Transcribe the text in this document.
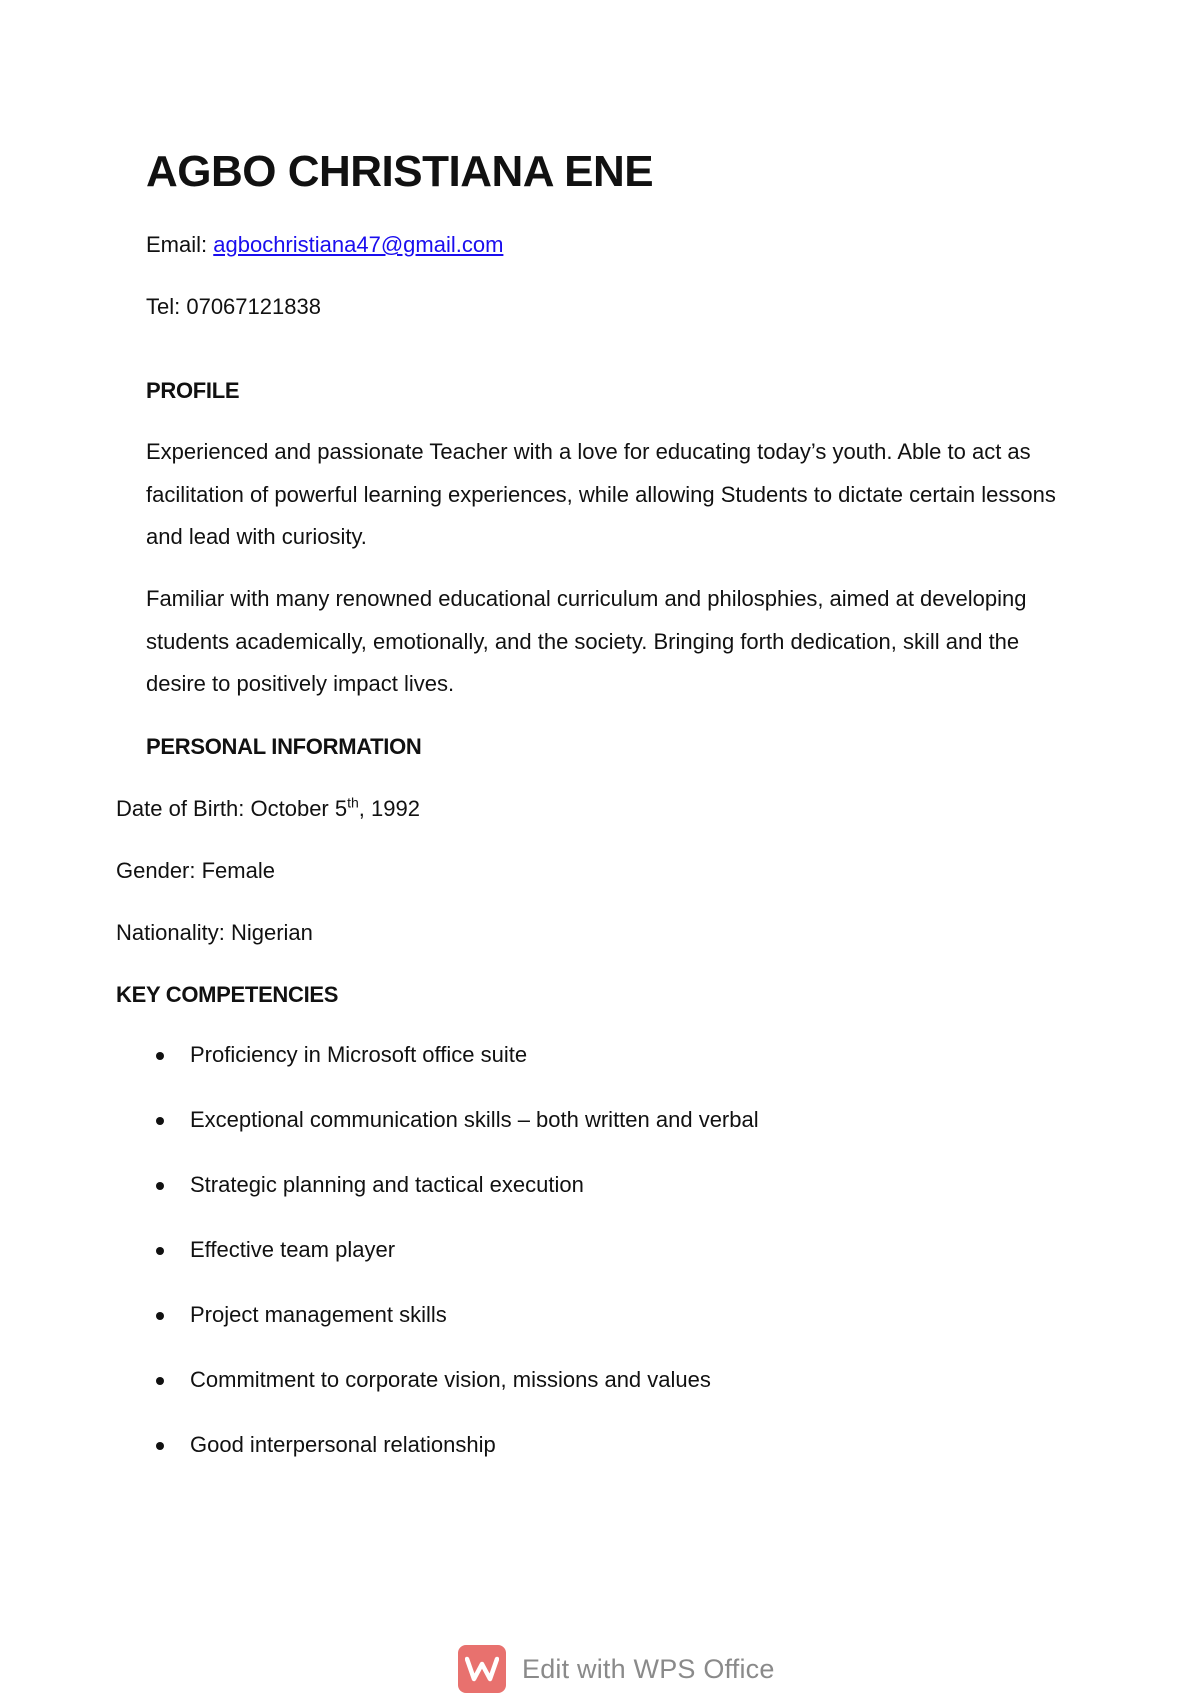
AGBO CHRISTIANA ENE
Email: agbochristiana47@gmail.com
Tel: 07067121838
PROFILE

Experienced and passionate Teacher with a love for educating today’s youth. Able to act as facilitation of powerful learning experiences, while allowing Students to dictate certain lessons and lead with curiosity.

Familiar with many renowned educational curriculum and philosphies, aimed at developing students academically, emotionally, and the society. Bringing forth dedication, skill and the desire to positively impact lives.

PERSONAL INFORMATION
Date of Birth: October 5th, 1992
Gender: Female
Nationality: Nigerian
KEY COMPETENCIES
Proficiency in Microsoft office suite
Exceptional communication skills – both written and verbal
Strategic planning and tactical execution
Effective team player
Project management skills
Commitment to corporate vision, missions and values
Good interpersonal relationship
Edit with WPS Office
